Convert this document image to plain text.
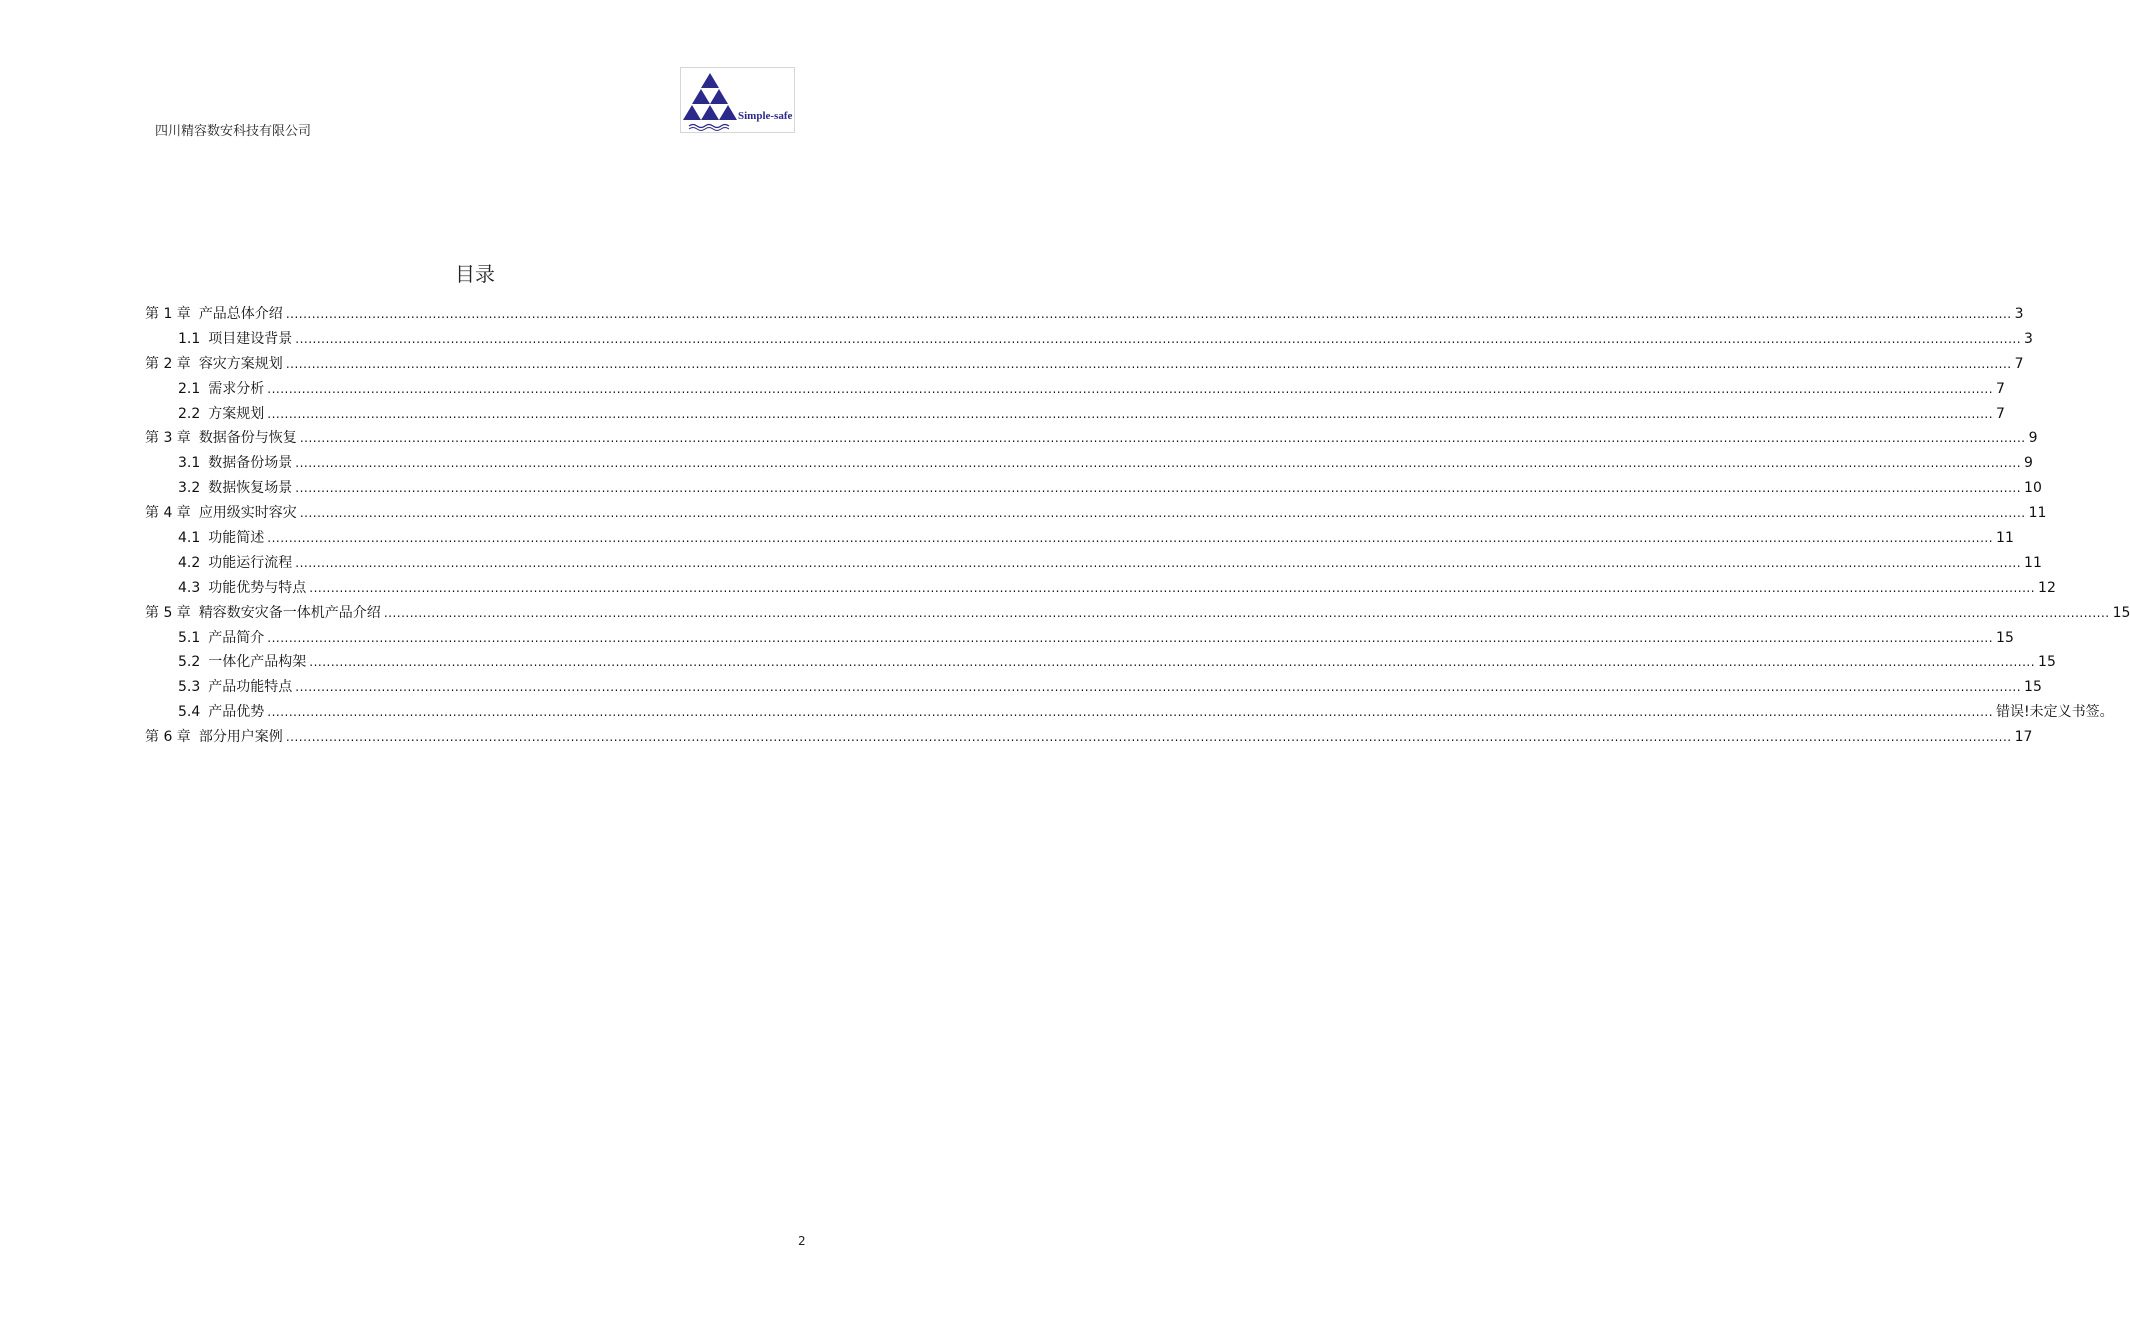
四川精容数安科技有限公司
Simple-safe
目录
第 1 章 产品总体介绍 ................................................................................................................................................................................................................................................................................................................................................................................................................ 3
1.1 项目建设背景 ................................................................................................................................................................................................................................................................................................................................................................................................................ 3
第 2 章 容灾方案规划 ................................................................................................................................................................................................................................................................................................................................................................................................................ 7
2.1 需求分析 ................................................................................................................................................................................................................................................................................................................................................................................................................ 7
2.2 方案规划 ................................................................................................................................................................................................................................................................................................................................................................................................................ 7
第 3 章 数据备份与恢复 ................................................................................................................................................................................................................................................................................................................................................................................................................ 9
3.1 数据备份场景 ................................................................................................................................................................................................................................................................................................................................................................................................................ 9
3.2 数据恢复场景 ................................................................................................................................................................................................................................................................................................................................................................................................................ 10
第 4 章 应用级实时容灾 ................................................................................................................................................................................................................................................................................................................................................................................................................ 11
4.1 功能简述 ................................................................................................................................................................................................................................................................................................................................................................................................................ 11
4.2 功能运行流程 ................................................................................................................................................................................................................................................................................................................................................................................................................ 11
4.3 功能优势与特点 ................................................................................................................................................................................................................................................................................................................................................................................................................ 12
第 5 章 精容数安灾备一体机产品介绍 ................................................................................................................................................................................................................................................................................................................................................................................................................ 15
5.1 产品简介 ................................................................................................................................................................................................................................................................................................................................................................................................................ 15
5.2 一体化产品构架 ................................................................................................................................................................................................................................................................................................................................................................................................................ 15
5.3 产品功能特点 ................................................................................................................................................................................................................................................................................................................................................................................................................ 15
5.4 产品优势 ................................................................................................................................................................................................................................................................................................................................................................................................................ 错误!未定义书签。
第 6 章 部分用户案例 ................................................................................................................................................................................................................................................................................................................................................................................................................ 17
2
